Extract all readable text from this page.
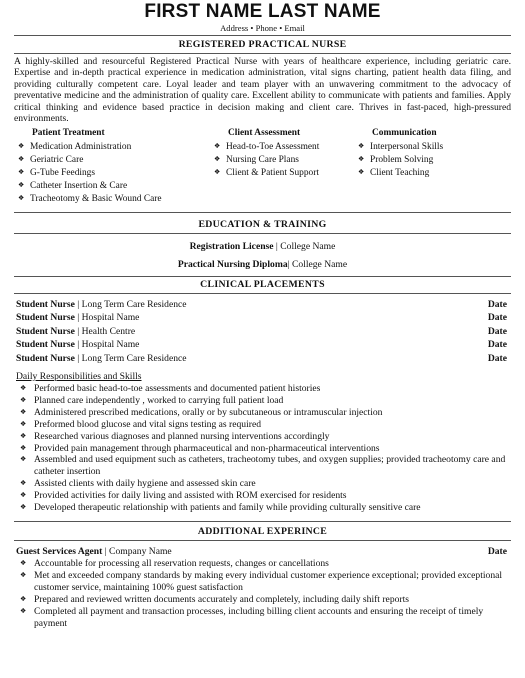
FIRST NAME LAST NAME
Address • Phone • Email
REGISTERED PRACTICAL NURSE
A highly-skilled and resourceful Registered Practical Nurse with years of healthcare experience, including geriatric care. Expertise and in-depth practical experience in medication administration, vital signs charting, patient health data filing, and providing culturally competent care. Loyal leader and team player with an unwavering commitment to the advocacy of preventative medicine and the administration of quality care. Excellent ability to communicate with patients and families. Apply critical thinking and evidence based practice in decision making and client care. Thrives in fast-paced, high-pressured environments.
Patient Treatment
❖ Medication Administration
❖ Geriatric Care
❖ G-Tube Feedings
❖ Catheter Insertion & Care
❖ Tracheotomy & Basic Wound Care
Client Assessment
❖ Head-to-Toe Assessment
❖ Nursing Care Plans
❖ Client & Patient Support
Communication
❖ Interpersonal Skills
❖ Problem Solving
❖ Client Teaching
EDUCATION & TRAINING
Registration License | College Name
Practical Nursing Diploma| College Name
CLINICAL PLACEMENTS
Student Nurse | Long Term Care Residence	Date
Student Nurse | Hospital Name	Date
Student Nurse | Health Centre	Date
Student Nurse | Hospital Name	Date
Student Nurse | Long Term Care Residence	Date
Daily Responsibilities and Skills
❖ Performed basic head-to-toe assessments and documented patient histories
❖ Planned care independently , worked to carrying full patient load
❖ Administered prescribed medications, orally or by subcutaneous or intramuscular injection
❖ Preformed blood glucose and vital signs testing as required
❖ Researched various diagnoses and planned nursing interventions accordingly
❖ Provided pain management through pharmaceutical and non-pharmaceutical interventions
❖ Assembled and used equipment such as catheters, tracheotomy tubes, and oxygen supplies; provided tracheotomy care and catheter insertion
❖ Assisted clients with daily hygiene and assessed skin care
❖ Provided activities for daily living and assisted with ROM exercised for residents
❖ Developed therapeutic relationship with patients and family while providing culturally sensitive care
ADDITIONAL EXPERINCE
Guest Services Agent | Company Name	Date
❖ Accountable for processing all reservation requests, changes or cancellations
❖ Met and exceeded company standards by making every individual customer experience exceptional; provided exceptional customer service, maintaining 100% guest satisfaction
❖ Prepared and reviewed written documents accurately and completely, including daily shift reports
❖ Completed all payment and transaction processes, including billing client accounts and ensuring the receipt of timely payment
